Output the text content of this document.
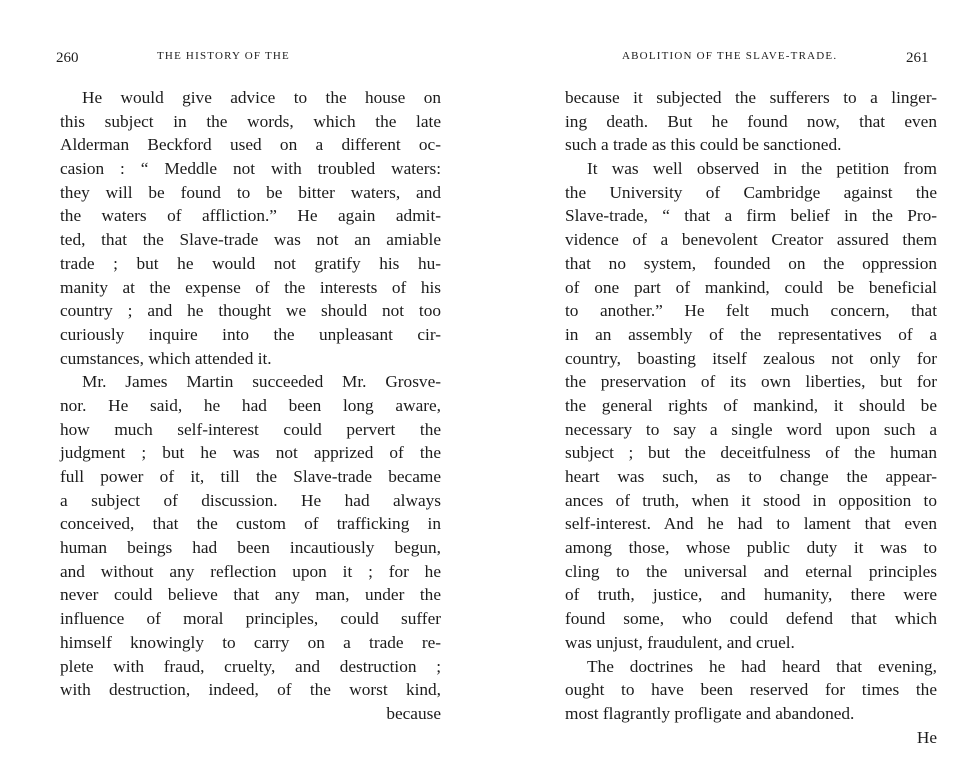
260	THE HISTORY OF THE
He would give advice to the house on
this subject in the words, which the late
Alderman Beckford used on a different oc-
casion : “ Meddle not with troubled waters:
they will be found to be bitter waters, and
the waters of affliction.” He again admit-
ted, that the Slave-trade was not an amiable
trade ; but he would not gratify his hu-
manity at the expense of the interests of his
country ; and he thought we should not too
curiously inquire into the unpleasant cir-
cumstances, which attended it.
Mr. James Martin succeeded Mr. Grosve-
nor. He said, he had been long aware,
how much self-interest could pervert the
judgment ; but he was not apprized of the
full power of it, till the Slave-trade became
a subject of discussion. He had always
conceived, that the custom of trafficking in
human beings had been incautiously begun,
and without any reflection upon it ; for he
never could believe that any man, under the
influence of moral principles, could suffer
himself knowingly to carry on a trade re-
plete with fraud, cruelty, and destruction ;
with destruction, indeed, of the worst kind,
because
ABOLITION OF THE SLAVE-TRADE.	261
because it subjected the sufferers to a linger-
ing death. But he found now, that even
such a trade as this could be sanctioned.
It was well observed in the petition from
the University of Cambridge against the
Slave-trade, “ that a firm belief in the Pro-
vidence of a benevolent Creator assured them
that no system, founded on the oppression
of one part of mankind, could be beneficial
to another.” He felt much concern, that
in an assembly of the representatives of a
country, boasting itself zealous not only for
the preservation of its own liberties, but for
the general rights of mankind, it should be
necessary to say a single word upon such a
subject ; but the deceitfulness of the human
heart was such, as to change the appear-
ances of truth, when it stood in opposition to
self-interest. And he had to lament that even
among those, whose public duty it was to
cling to the universal and eternal principles
of truth, justice, and humanity, there were
found some, who could defend that which
was unjust, fraudulent, and cruel.
The doctrines he had heard that evening,
ought to have been reserved for times the
most flagrantly profligate and abandoned.
He
